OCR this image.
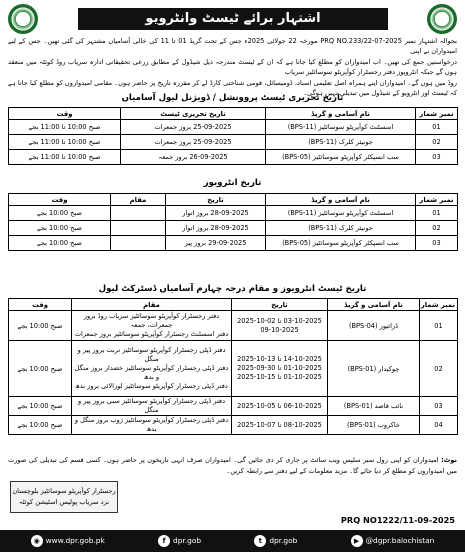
اشتہار برائے ٹیسٹ وانٹرویو

بحوالہ اشتہار نمبر PRQ NO.233/22-07-2025 مورخہ 22 جولائی 2025ء جس کے تحت گریڈ 01 تا 11 کی خالی آسامیاں مشتہر کی گئی تھیں۔ جس کے لیے امیدواران نے اپنی

درخواستیں جمع کی تھیں۔ اب امیدواران کو مطلع کیا جاتا ہے کہ ان کے ٹیسٹ مندرجہ ذیل شیڈول کے مطابق زرعی تحقیقاتی ادارہ سریاب روڈ کوئٹہ میں منعقد ہوں گے جبکہ انٹرویوز دفتر رجسٹرار کوآپریٹو سوسائٹیز سریاب

روڈ میں ہوں گے۔ امیدواران اپنے ہمراہ اصل تعلیمی اسناد، ڈومیسائل، قومی شناختی کارڈ لے کر مقررہ تاریخ پر حاضر ہوں۔ مقامی امیدواروں کو مطلع کیا جاتا ہے کہ ٹیسٹ اور انٹرویو کے شیڈول میں تبدیلی نہیں ہوگی۔

تاریخ تحریری ٹیسٹ پروونشل / ڈویژنل لیول آسامیاں
نمبر شمار	نام آسامی و گریڈ	تاریخ تحریری ٹیسٹ	وقت
01	اسسٹنٹ کوآپریٹو سوسائٹیز (BPS-11)	25-09-2025 بروز جمعرات	صبح 10:00 تا 11:00 بجے
02	جونیئر کلرک (BPS-11)	25-09-2025 بروز جمعرات	صبح 10:00 تا 11:00 بجے
03	سب انسپکٹر کوآپریٹو سوسائٹیز (BPS-05)	26-09-2025 بروز جمعہ	صبح 10:00 تا 11:00 بجے
تاریخ انٹرویوز
نمبر شمار	نام آسامی و گریڈ	تاریخ	مقام	وقت
01	اسسٹنٹ کوآپریٹو سوسائٹیز (BPS-11)	28-09-2025 بروز اتوار		صبح 10:00 بجے
02	جونیئر کلرک (BPS-11)	28-09-2025 بروز اتوار		صبح 10:00 بجے
03	سب انسپکٹر کوآپریٹو سوسائٹیز (BPS-05)	29-09-2025 بروز پیر		صبح 10:00 بجے
تاریخ ٹیسٹ انٹرویوز و مقام درجہ چہارم آسامیاں ڈسٹرکٹ لیول
نمبر شمار	نام آسامی و گریڈ	تاریخ	مقام	وقت
01	ڈرائیور (BPS-04)	03-10-2025 تا 02-10-2025
09-10-2025	دفتر رجسٹرار کوآپریٹو سوسائٹیز سریاب روڈ بروز جمعرات، جمعہ
دفتر اسسٹنٹ رجسٹرار کوآپریٹو سوسائٹیز بروز جمعرات	صبح 10:00 بجے
02	چوکیدار (BPS-01)	14-10-2025 تا 13-10-2025
01-10-2025 تا 30-09-2025
01-10-2025 تا 15-10-2025	دفتر ڈپٹی رجسٹرار کوآپریٹو سوسائٹیز تربت بروز پیر و منگل
دفتر ڈپٹی رجسٹرار کوآپریٹو سوسائٹیز خضدار بروز منگل و بدھ
دفتر ڈپٹی رجسٹرار کوآپریٹو سوسائٹیز لورالائی بروز بدھ	صبح 10:00 بجے
03	نائب قاصد (BPS-01)	06-10-2025 تا 05-10-2025	دفتر ڈپٹی رجسٹرار کوآپریٹو سوسائٹیز سبی بروز پیر و منگل	صبح 10:00 بجے
04	خاکروب (BPS-01)	08-10-2025 تا 07-10-2025	دفتر ڈپٹی رجسٹرار کوآپریٹو سوسائٹیز ژوب بروز منگل و بدھ	صبح 10:00 بجے
نوٹ: امیدواران کو اپنی رول نمبر سلپس ویب سائٹ پر جاری کر دی جائیں گی۔ امیدواران صرف انہی تاریخوں پر حاضر ہوں۔ کسی قسم کی تبدیلی کی صورت میں امیدواروں کو مطلع کر دیا جائے گا۔ مزید معلومات کے لیے دفتر سے رابطہ کریں۔
رجسٹرار کوآپریٹو سوسائٹیز بلوچستان
نزد سریاب پولیس اسٹیشن کوئٹہ
PRQ NO1222/11-09-2025
◉ www.dpr.gob.pk	f	dpr.gob	t dpr.gob	▶ @dgpr.balochistan
